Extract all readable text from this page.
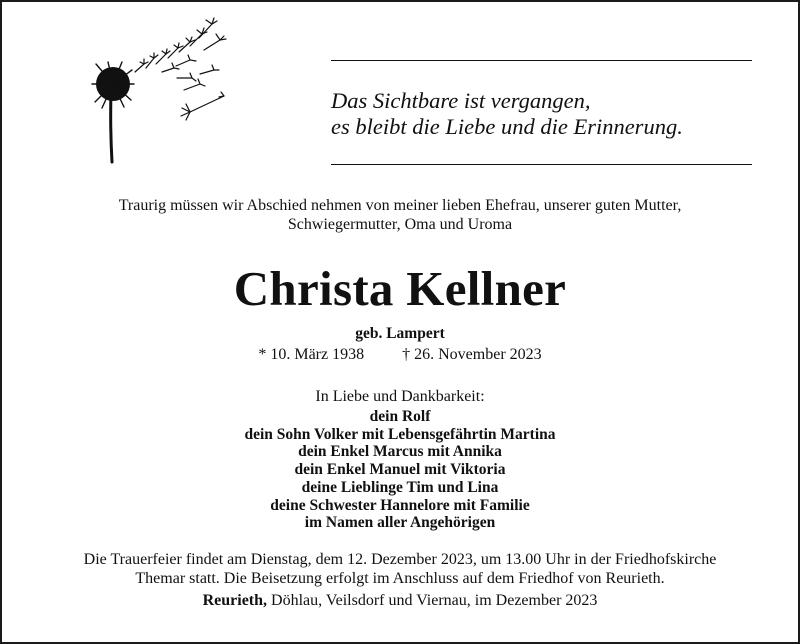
Das Sichtbare ist vergangen,
es bleibt die Liebe und die Erinnerung.
Traurig müssen wir Abschied nehmen von meiner lieben Ehefrau, unserer guten Mutter,
Schwiegermutter, Oma und Uroma
Christa Kellner
geb. Lampert
* 10. März 1938 † 26. November 2023
In Liebe und Dankbarkeit:
dein Rolf
dein Sohn Volker mit Lebensgefährtin Martina
dein Enkel Marcus mit Annika
dein Enkel Manuel mit Viktoria
deine Lieblinge Tim und Lina
deine Schwester Hannelore mit Familie
im Namen aller Angehörigen
Die Trauerfeier findet am Dienstag, dem 12. Dezember 2023, um 13.00 Uhr in der Friedhofskirche
Themar statt. Die Beisetzung erfolgt im Anschluss auf dem Friedhof von Reurieth.
Reurieth, Döhlau, Veilsdorf und Viernau, im Dezember 2023
